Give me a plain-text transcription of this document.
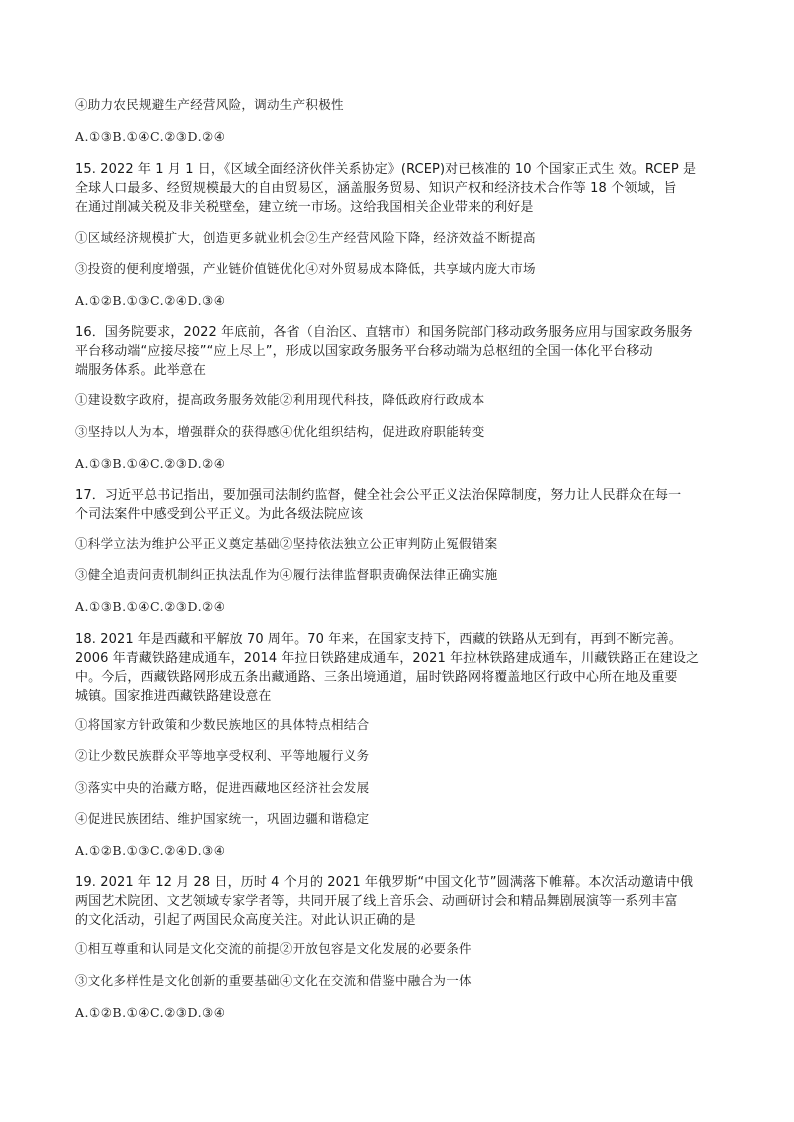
④助力农民规避生产经营风险，调动生产积极性
A.①③B.①④C.②③D.②④
15. 2022 年 1 月 1 日，《区域全面经济伙伴关系协定》(RCEP)对已核准的 10 个国家正式生 效。RCEP 是
全球人口最多、经贸规模最大的自由贸易区，涵盖服务贸易、知识产权和经济技术合作等 18 个领域，旨
在通过削减关税及非关税壁垒，建立统一市场。这给我国相关企业带来的利好是
①区域经济规模扩大，创造更多就业机会②生产经营风险下降，经济效益不断提高
③投资的便利度增强，产业链价值链优化④对外贸易成本降低，共享域内庞大市场
A.①②B.①③C.②④D.③④
16．国务院要求，2022 年底前，各省（自治区、直辖市）和国务院部门移动政务服务应用与国家政务服务
平台移动端“应接尽接”“应上尽上”，形成以国家政务服务平台移动端为总枢纽的全国一体化平台移动
端服务体系。此举意在
①建设数字政府，提高政务服务效能②利用现代科技，降低政府行政成本
③坚持以人为本，增强群众的获得感④优化组织结构，促进政府职能转变
A.①③B.①④C.②③D.②④
17．习近平总书记指出，要加强司法制约监督，健全社会公平正义法治保障制度，努力让人民群众在每一
个司法案件中感受到公平正义。为此各级法院应该
①科学立法为维护公平正义奠定基础②坚持依法独立公正审判防止冤假错案
③健全追责问责机制纠正执法乱作为④履行法律监督职责确保法律正确实施
A.①③B.①④C.②③D.②④
18. 2021 年是西藏和平解放 70 周年。70 年来，在国家支持下，西藏的铁路从无到有，再到不断完善。
2006 年青藏铁路建成通车，2014 年拉日铁路建成通车，2021 年拉林铁路建成通车，川藏铁路正在建设之
中。今后，西藏铁路网形成五条出藏通路、三条出境通道，届时铁路网将覆盖地区行政中心所在地及重要
城镇。国家推进西藏铁路建设意在
①将国家方针政策和少数民族地区的具体特点相结合
②让少数民族群众平等地享受权利、平等地履行义务
③落实中央的治藏方略，促进西藏地区经济社会发展
④促进民族团结、维护国家统一，巩固边疆和谐稳定
A.①②B.①③C.②④D.③④
19. 2021 年 12 月 28 日，历时 4 个月的 2021 年俄罗斯“中国文化节”圆满落下帷幕。本次活动邀请中俄
两国艺术院团、文艺领域专家学者等，共同开展了线上音乐会、动画研讨会和精品舞剧展演等一系列丰富
的文化活动，引起了两国民众高度关注。对此认识正确的是
①相互尊重和认同是文化交流的前提②开放包容是文化发展的必要条件
③文化多样性是文化创新的重要基础④文化在交流和借鉴中融合为一体
A.①②B.①④C.②③D.③④
